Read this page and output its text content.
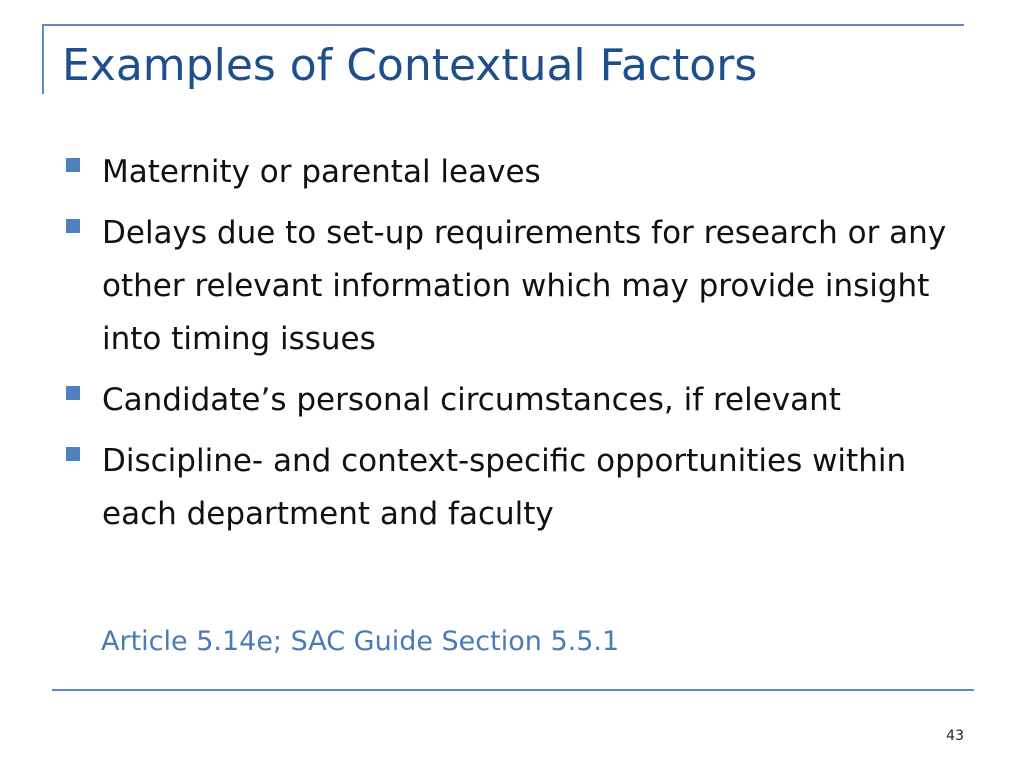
Examples of Contextual Factors
Maternity or parental leaves
Delays due to set-up requirements for research or any other relevant information which may provide insight into timing issues
Candidate’s personal circumstances, if relevant
Discipline- and context-specific opportunities within each department and faculty

Article 5.14e; SAC Guide Section 5.5.1

43
